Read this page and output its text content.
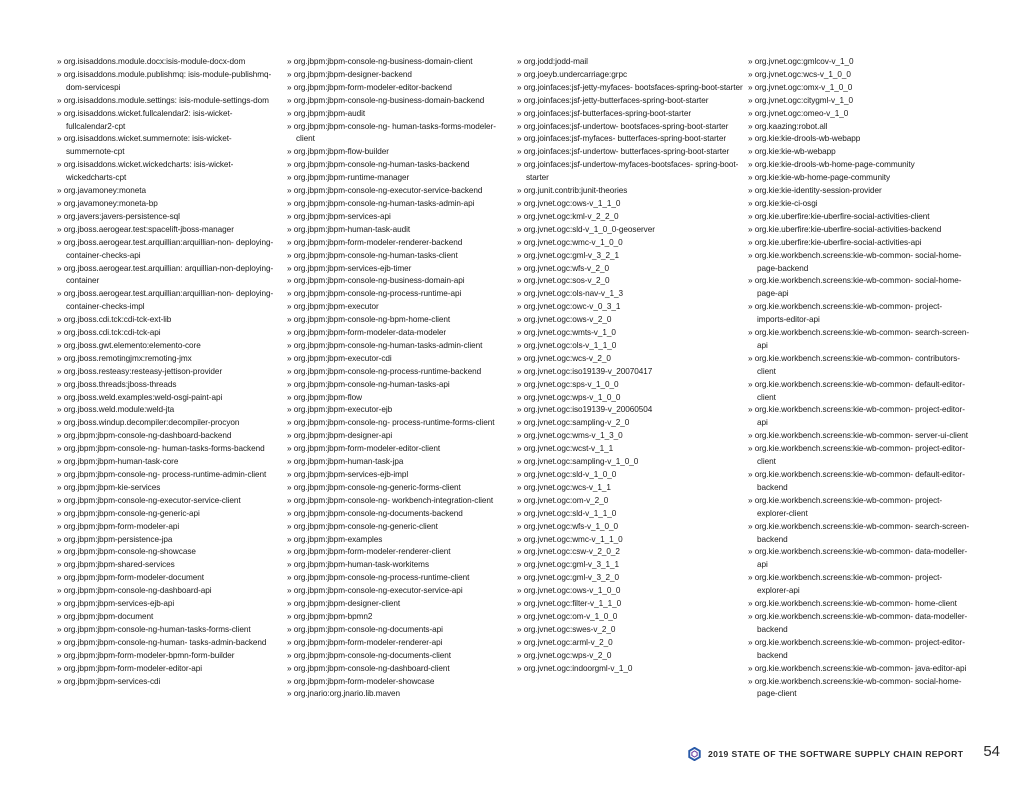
» org.isisaddons.module.docx:isis-module-docx-dom
» org.isisaddons.module.publishmq: isis-module-publishmq-dom-servicespi
» org.isisaddons.module.settings: isis-module-settings-dom
» org.isisaddons.wicket.fullcalendar2: isis-wicket-fullcalendar2-cpt
» org.isisaddons.wicket.summernote: isis-wicket-summernote-cpt
» org.isisaddons.wicket.wickedcharts: isis-wicket-wickedcharts-cpt
» org.javamoney:moneta
» org.javamoney:moneta-bp
» org.javers:javers-persistence-sql
» org.jboss.aerogear.test:spacelift-jboss-manager
» org.jboss.aerogear.test.arquillian:arquillian-non- deploying-container-checks-api
» org.jboss.aerogear.test.arquillian: arquillian-non-deploying-container
» org.jboss.aerogear.test.arquillian:arquillian-non- deploying-container-checks-impl
» org.jboss.cdi.tck:cdi-tck-ext-lib
» org.jboss.cdi.tck:cdi-tck-api
» org.jboss.gwt.elemento:elemento-core
» org.jboss.remotingjmx:remoting-jmx
» org.jboss.resteasy:resteasy-jettison-provider
» org.jboss.threads:jboss-threads
» org.jboss.weld.examples:weld-osgi-paint-api
» org.jboss.weld.module:weld-jta
» org.jboss.windup.decompiler:decompiler-procyon
» org.jbpm:jbpm-console-ng-dashboard-backend
» org.jbpm:jbpm-console-ng- human-tasks-forms-backend
» org.jbpm:jbpm-human-task-core
» org.jbpm:jbpm-console-ng- process-runtime-admin-client
» org.jbpm:jbpm-kie-services
» org.jbpm:jbpm-console-ng-executor-service-client
» org.jbpm:jbpm-console-ng-generic-api
» org.jbpm:jbpm-form-modeler-api
» org.jbpm:jbpm-persistence-jpa
» org.jbpm:jbpm-console-ng-showcase
» org.jbpm:jbpm-shared-services
» org.jbpm:jbpm-form-modeler-document
» org.jbpm:jbpm-console-ng-dashboard-api
» org.jbpm:jbpm-services-ejb-api
» org.jbpm:jbpm-document
» org.jbpm:jbpm-console-ng-human-tasks-forms-client
» org.jbpm:jbpm-console-ng-human- tasks-admin-backend
» org.jbpm:jbpm-form-modeler-bpmn-form-builder
» org.jbpm:jbpm-form-modeler-editor-api
» org.jbpm:jbpm-services-cdi
» org.jbpm:jbpm-console-ng-business-domain-client
» org.jbpm:jbpm-designer-backend
» org.jbpm:jbpm-form-modeler-editor-backend
» org.jbpm:jbpm-console-ng-business-domain-backend
» org.jbpm:jbpm-audit
» org.jbpm:jbpm-console-ng- human-tasks-forms-modeler-client
» org.jbpm:jbpm-flow-builder
» org.jbpm:jbpm-console-ng-human-tasks-backend
» org.jbpm:jbpm-runtime-manager
» org.jbpm:jbpm-console-ng-executor-service-backend
» org.jbpm:jbpm-console-ng-human-tasks-admin-api
» org.jbpm:jbpm-services-api
» org.jbpm:jbpm-human-task-audit
» org.jbpm:jbpm-form-modeler-renderer-backend
» org.jbpm:jbpm-console-ng-human-tasks-client
» org.jbpm:jbpm-services-ejb-timer
» org.jbpm:jbpm-console-ng-business-domain-api
» org.jbpm:jbpm-console-ng-process-runtime-api
» org.jbpm:jbpm-executor
» org.jbpm:jbpm-console-ng-bpm-home-client
» org.jbpm:jbpm-form-modeler-data-modeler
» org.jbpm:jbpm-console-ng-human-tasks-admin-client
» org.jbpm:jbpm-executor-cdi
» org.jbpm:jbpm-console-ng-process-runtime-backend
» org.jbpm:jbpm-console-ng-human-tasks-api
» org.jbpm:jbpm-flow
» org.jbpm:jbpm-executor-ejb
» org.jbpm:jbpm-console-ng- process-runtime-forms-client
» org.jbpm:jbpm-designer-api
» org.jbpm:jbpm-form-modeler-editor-client
» org.jbpm:jbpm-human-task-jpa
» org.jbpm:jbpm-services-ejb-impl
» org.jbpm:jbpm-console-ng-generic-forms-client
» org.jbpm:jbpm-console-ng- workbench-integration-client
» org.jbpm:jbpm-console-ng-documents-backend
» org.jbpm:jbpm-console-ng-generic-client
» org.jbpm:jbpm-examples
» org.jbpm:jbpm-form-modeler-renderer-client
» org.jbpm:jbpm-human-task-workitems
» org.jbpm:jbpm-console-ng-process-runtime-client
» org.jbpm:jbpm-console-ng-executor-service-api
» org.jbpm:jbpm-designer-client
» org.jbpm:jbpm-bpmn2
» org.jbpm:jbpm-console-ng-documents-api
» org.jbpm:jbpm-form-modeler-renderer-api
» org.jbpm:jbpm-console-ng-documents-client
» org.jbpm:jbpm-console-ng-dashboard-client
» org.jbpm:jbpm-form-modeler-showcase
» org.jnario:org.jnario.lib.maven
» org.jodd:jodd-mail
» org.joeyb.undercarriage:grpc
» org.joinfaces:jsf-jetty-myfaces- bootsfaces-spring-boot-starter
» org.joinfaces:jsf-jetty-butterfaces-spring-boot-starter
» org.joinfaces:jsf-butterfaces-spring-boot-starter
» org.joinfaces:jsf-undertow- bootsfaces-spring-boot-starter
» org.joinfaces:jsf-myfaces- butterfaces-spring-boot-starter
» org.joinfaces:jsf-undertow- butterfaces-spring-boot-starter
» org.joinfaces:jsf-undertow-myfaces-bootsfaces- spring-boot-starter
» org.junit.contrib:junit-theories
» org.jvnet.ogc:ows-v_1_1_0
» org.jvnet.ogc:kml-v_2_2_0
» org.jvnet.ogc:sld-v_1_0_0-geoserver
» org.jvnet.ogc:wmc-v_1_0_0
» org.jvnet.ogc:gml-v_3_2_1
» org.jvnet.ogc:wfs-v_2_0
» org.jvnet.ogc:sos-v_2_0
» org.jvnet.ogc:ols-nav-v_1_3
» org.jvnet.ogc:owc-v_0_3_1
» org.jvnet.ogc:ows-v_2_0
» org.jvnet.ogc:wmts-v_1_0
» org.jvnet.ogc:ols-v_1_1_0
» org.jvnet.ogc:wcs-v_2_0
» org.jvnet.ogc:iso19139-v_20070417
» org.jvnet.ogc:sps-v_1_0_0
» org.jvnet.ogc:wps-v_1_0_0
» org.jvnet.ogc:iso19139-v_20060504
» org.jvnet.ogc:sampling-v_2_0
» org.jvnet.ogc:wms-v_1_3_0
» org.jvnet.ogc:wcst-v_1_1
» org.jvnet.ogc:sampling-v_1_0_0
» org.jvnet.ogc:sld-v_1_0_0
» org.jvnet.ogc:wcs-v_1_1
» org.jvnet.ogc:om-v_2_0
» org.jvnet.ogc:sld-v_1_1_0
» org.jvnet.ogc:wfs-v_1_0_0
» org.jvnet.ogc:wmc-v_1_1_0
» org.jvnet.ogc:csw-v_2_0_2
» org.jvnet.ogc:gml-v_3_1_1
» org.jvnet.ogc:gml-v_3_2_0
» org.jvnet.ogc:ows-v_1_0_0
» org.jvnet.ogc:filter-v_1_1_0
» org.jvnet.ogc:om-v_1_0_0
» org.jvnet.ogc:swes-v_2_0
» org.jvnet.ogc:arml-v_2_0
» org.jvnet.ogc:wps-v_2_0
» org.jvnet.ogc:indoorgml-v_1_0
» org.jvnet.ogc:gmlcov-v_1_0
» org.jvnet.ogc:wcs-v_1_0_0
» org.jvnet.ogc:omx-v_1_0_0
» org.jvnet.ogc:citygml-v_1_0
» org.jvnet.ogc:omeo-v_1_0
» org.kaazing:robot.all
» org.kie:kie-drools-wb-webapp
» org.kie:kie-wb-webapp
» org.kie:kie-drools-wb-home-page-community
» org.kie:kie-wb-home-page-community
» org.kie:kie-identity-session-provider
» org.kie:kie-ci-osgi
» org.kie.uberfire:kie-uberfire-social-activities-client
» org.kie.uberfire:kie-uberfire-social-activities-backend
» org.kie.uberfire:kie-uberfire-social-activities-api
» org.kie.workbench.screens:kie-wb-common- social-home-page-backend
» org.kie.workbench.screens:kie-wb-common- social-home-page-api
» org.kie.workbench.screens:kie-wb-common- project-imports-editor-api
» org.kie.workbench.screens:kie-wb-common- search-screen-api
» org.kie.workbench.screens:kie-wb-common- contributors-client
» org.kie.workbench.screens:kie-wb-common- default-editor-client
» org.kie.workbench.screens:kie-wb-common- project-editor-api
» org.kie.workbench.screens:kie-wb-common- server-ui-client
» org.kie.workbench.screens:kie-wb-common- project-editor-client
» org.kie.workbench.screens:kie-wb-common- default-editor-backend
» org.kie.workbench.screens:kie-wb-common- project-explorer-client
» org.kie.workbench.screens:kie-wb-common- search-screen-backend
» org.kie.workbench.screens:kie-wb-common- data-modeller-api
» org.kie.workbench.screens:kie-wb-common- project-explorer-api
» org.kie.workbench.screens:kie-wb-common- home-client
» org.kie.workbench.screens:kie-wb-common- data-modeller-backend
» org.kie.workbench.screens:kie-wb-common- project-editor-backend
» org.kie.workbench.screens:kie-wb-common- java-editor-api
» org.kie.workbench.screens:kie-wb-common- social-home-page-client
2019 STATE OF THE SOFTWARE SUPPLY CHAIN REPORT 54
